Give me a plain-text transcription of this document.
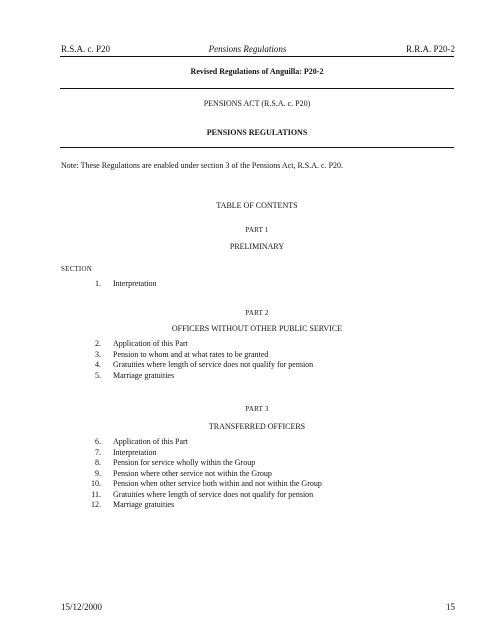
R.S.A. c. P20	Pensions Regulations	R.R.A. P20-2
Revised Regulations of Anguilla: P20-2
PENSIONS ACT (R.S.A. c. P20)
PENSIONS REGULATIONS
Note: These Regulations are enabled under section 3 of the Pensions Act, R.S.A. c. P20.
TABLE OF CONTENTS
PART 1
PRELIMINARY
SECTION
1. Interpretation
PART 2
OFFICERS WITHOUT OTHER PUBLIC SERVICE
2. Application of this Part
3. Pension to whom and at what rates to be granted
4. Gratuities where length of service does not qualify for pension
5. Marriage gratuities
PART 3
TRANSFERRED OFFICERS
6. Application of this Part
7. Interpretation
8. Pension for service wholly within the Group
9. Pension where other service not within the Group
10. Pension when other service both within and not within the Group
11. Gratuities where length of service does not qualify for pension
12. Marriage gratuities
15/12/2000	15
